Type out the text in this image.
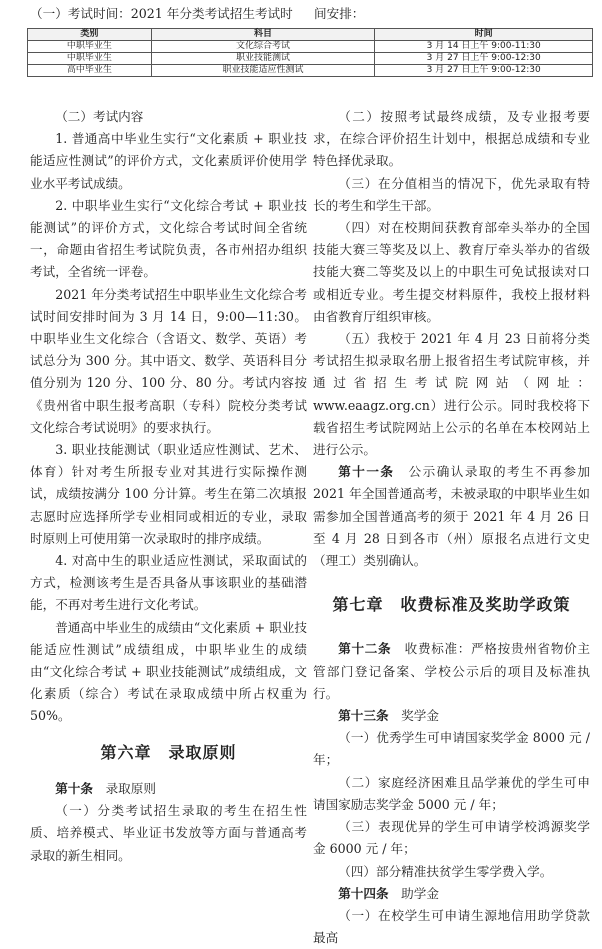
（一）考试时间：2021 年分类考试招生考试时 间安排：
类别	科目	时间
中职毕业生	文化综合考试	3 月 14 日上午 9:00-11:30
中职毕业生	职业技能测试	3 月 27 日上午 9:00-12:30
高中毕业生	职业技能适应性测试	3 月 27 日上午 9:00-12:30

（二）考试内容

1. 普通高中毕业生实行“文化素质 + 职业技能适应性测试”的评价方式，文化素质评价使用学业水平考试成绩。

2. 中职毕业生实行“文化综合考试 + 职业技能测试”的评价方式，文化综合考试时间全省统一，命题由省招生考试院负责，各市州招办组织考试，全省统一评卷。

2021 年分类考试招生中职毕业生文化综合考试时间安排时间为 3 月 14 日，9:00—11:30。中职毕业生文化综合（含语文、数学、英语）考试总分为 300 分。其中语文、数学、英语科目分值分别为 120 分、100 分、80 分。考试内容按《贵州省中职生报考高职（专科）院校分类考试文化综合考试说明》的要求执行。

3. 职业技能测试（职业适应性测试、艺术、体育）针对考生所报专业对其进行实际操作测试，成绩按满分 100 分计算。考生在第二次填报志愿时应选择所学专业相同或相近的专业，录取时原则上可使用第一次录取时的排序成绩。

4. 对高中生的职业适应性测试，采取面试的方式，检测该考生是否具备从事该职业的基础潜能，不再对考生进行文化考试。

普通高中毕业生的成绩由“文化素质 + 职业技能适应性测试”成绩组成，中职毕业生的成绩由“文化综合考试 + 职业技能测试”成绩组成，文化素质（综合）考试在录取成绩中所占权重为 50%。

第六章　录取原则

第十条　录取原则

（一）分类考试招生录取的考生在招生性质、培养模式、毕业证书发放等方面与普通高考录取的新生相同。

（二）按照考试最终成绩，及专业报考要求，在综合评价招生计划中，根据总成绩和专业特色择优录取。

（三）在分值相当的情况下，优先录取有特长的考生和学生干部。

（四）对在校期间获教育部牵头举办的全国技能大赛三等奖及以上、教育厅牵头举办的省级技能大赛二等奖及以上的中职生可免试报读对口或相近专业。考生提交材料原件，我校上报材料由省教育厅组织审核。

（五）我校于 2021 年 4 月 23 日前将分类考试招生拟录取名册上报省招生考试院审核，并通过省招生考试院网站（网址：www.eaagz.org.cn）进行公示。同时我校将下载省招生考试院网站上公示的名单在本校网站上进行公示。

第十一条　公示确认录取的考生不再参加 2021 年全国普通高考，未被录取的中职毕业生如需参加全国普通高考的须于 2021 年 4 月 26 日至 4 月 28 日到各市（州）原报名点进行文史（理工）类别确认。

第七章　收费标准及奖助学政策

第十二条　收费标准：严格按贵州省物价主管部门登记备案、学校公示后的项目及标准执行。

第十三条　奖学金

（一）优秀学生可申请国家奖学金 8000 元 / 年；

（二）家庭经济困难且品学兼优的学生可申请国家励志奖学金 5000 元 / 年；

（三）表现优异的学生可申请学校鸿源奖学金 6000 元 / 年；

（四）部分精准扶贫学生零学费入学。

第十四条　助学金

（一）在校学生可申请生源地信用助学贷款最高
